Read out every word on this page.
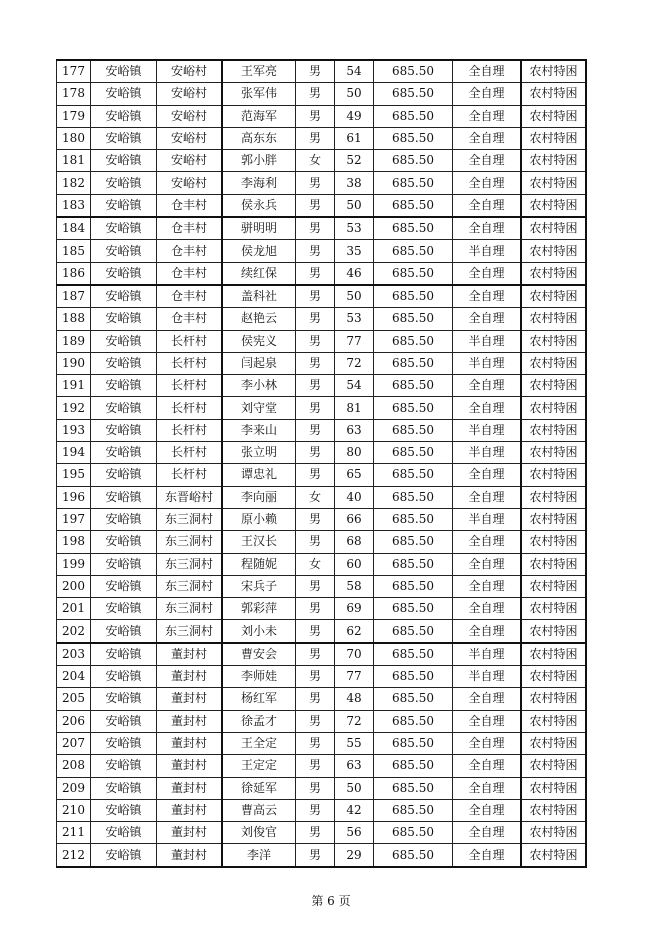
177	安峪镇	安峪村	王军亮	男	54	685.50	全自理	农村特困
178	安峪镇	安峪村	张军伟	男	50	685.50	全自理	农村特困
179	安峪镇	安峪村	范海军	男	49	685.50	全自理	农村特困
180	安峪镇	安峪村	高东东	男	61	685.50	全自理	农村特困
181	安峪镇	安峪村	郭小胖	女	52	685.50	全自理	农村特困
182	安峪镇	安峪村	李海利	男	38	685.50	全自理	农村特困
183	安峪镇	仓丰村	侯永兵	男	50	685.50	全自理	农村特困
184	安峪镇	仓丰村	骈明明	男	53	685.50	全自理	农村特困
185	安峪镇	仓丰村	侯龙旭	男	35	685.50	半自理	农村特困
186	安峪镇	仓丰村	续红保	男	46	685.50	全自理	农村特困
187	安峪镇	仓丰村	盖科社	男	50	685.50	全自理	农村特困
188	安峪镇	仓丰村	赵艳云	男	53	685.50	全自理	农村特困
189	安峪镇	长杆村	侯宪义	男	77	685.50	半自理	农村特困
190	安峪镇	长杆村	闫起泉	男	72	685.50	半自理	农村特困
191	安峪镇	长杆村	李小林	男	54	685.50	全自理	农村特困
192	安峪镇	长杆村	刘守堂	男	81	685.50	全自理	农村特困
193	安峪镇	长杆村	李来山	男	63	685.50	半自理	农村特困
194	安峪镇	长杆村	张立明	男	80	685.50	半自理	农村特困
195	安峪镇	长杆村	谭忠礼	男	65	685.50	全自理	农村特困
196	安峪镇	东晋峪村	李向丽	女	40	685.50	全自理	农村特困
197	安峪镇	东三洞村	原小赖	男	66	685.50	半自理	农村特困
198	安峪镇	东三洞村	王汉长	男	68	685.50	全自理	农村特困
199	安峪镇	东三洞村	程随妮	女	60	685.50	全自理	农村特困
200	安峪镇	东三洞村	宋兵子	男	58	685.50	全自理	农村特困
201	安峪镇	东三洞村	郭彩萍	男	69	685.50	全自理	农村特困
202	安峪镇	东三洞村	刘小未	男	62	685.50	全自理	农村特困
203	安峪镇	董封村	曹安会	男	70	685.50	半自理	农村特困
204	安峪镇	董封村	李师娃	男	77	685.50	半自理	农村特困
205	安峪镇	董封村	杨红军	男	48	685.50	全自理	农村特困
206	安峪镇	董封村	徐孟才	男	72	685.50	全自理	农村特困
207	安峪镇	董封村	王全定	男	55	685.50	全自理	农村特困
208	安峪镇	董封村	王定定	男	63	685.50	全自理	农村特困
209	安峪镇	董封村	徐延军	男	50	685.50	全自理	农村特困
210	安峪镇	董封村	曹高云	男	42	685.50	全自理	农村特困
211	安峪镇	董封村	刘俊官	男	56	685.50	全自理	农村特困
212	安峪镇	董封村	李洋	男	29	685.50	全自理	农村特困
第 6 页
